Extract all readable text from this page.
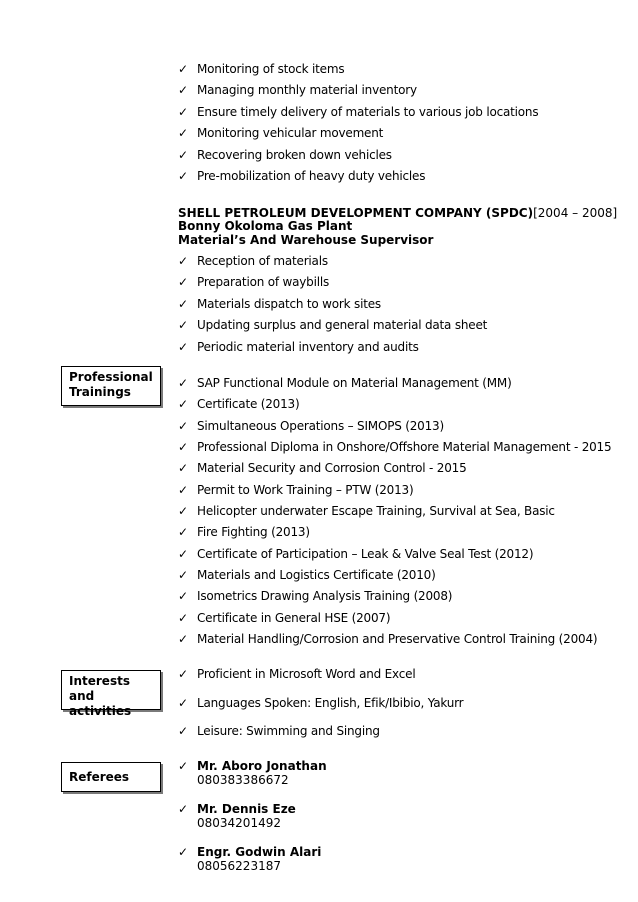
✓ Monitoring of stock items
✓ Managing monthly material inventory
✓ Ensure timely delivery of materials to various job locations
✓ Monitoring vehicular movement
✓ Recovering broken down vehicles
✓ Pre-mobilization of heavy duty vehicles
SHELL PETROLEUM DEVELOPMENT COMPANY (SPDC)[2004 – 2008]
Bonny Okoloma Gas Plant
Material’s And Warehouse Supervisor
✓ Reception of materials
✓ Preparation of waybills
✓ Materials dispatch to work sites
✓ Updating surplus and general material data sheet
✓ Periodic material inventory and audits
Professional
Trainings
✓ SAP Functional Module on Material Management (MM)
✓ Certificate (2013)
✓ Simultaneous Operations – SIMOPS (2013)
✓ Professional Diploma in Onshore/Offshore Material Management - 2015
✓ Material Security and Corrosion Control - 2015
✓ Permit to Work Training – PTW (2013)
✓ Helicopter underwater Escape Training, Survival at Sea, Basic
✓ Fire Fighting (2013)
✓ Certificate of Participation – Leak & Valve Seal Test (2012)
✓ Materials and Logistics Certificate (2010)
✓ Isometrics Drawing Analysis Training (2008)
✓ Certificate in General HSE (2007)
✓ Material Handling/Corrosion and Preservative Control Training (2004)
Interests and
activities
✓ Proficient in Microsoft Word and Excel
✓ Languages Spoken: English, Efik/Ibibio, Yakurr
✓ Leisure: Swimming and Singing
Referees
✓ Mr. Aboro Jonathan
080383386672
✓ Mr. Dennis Eze
08034201492
✓ Engr. Godwin Alari
08056223187
